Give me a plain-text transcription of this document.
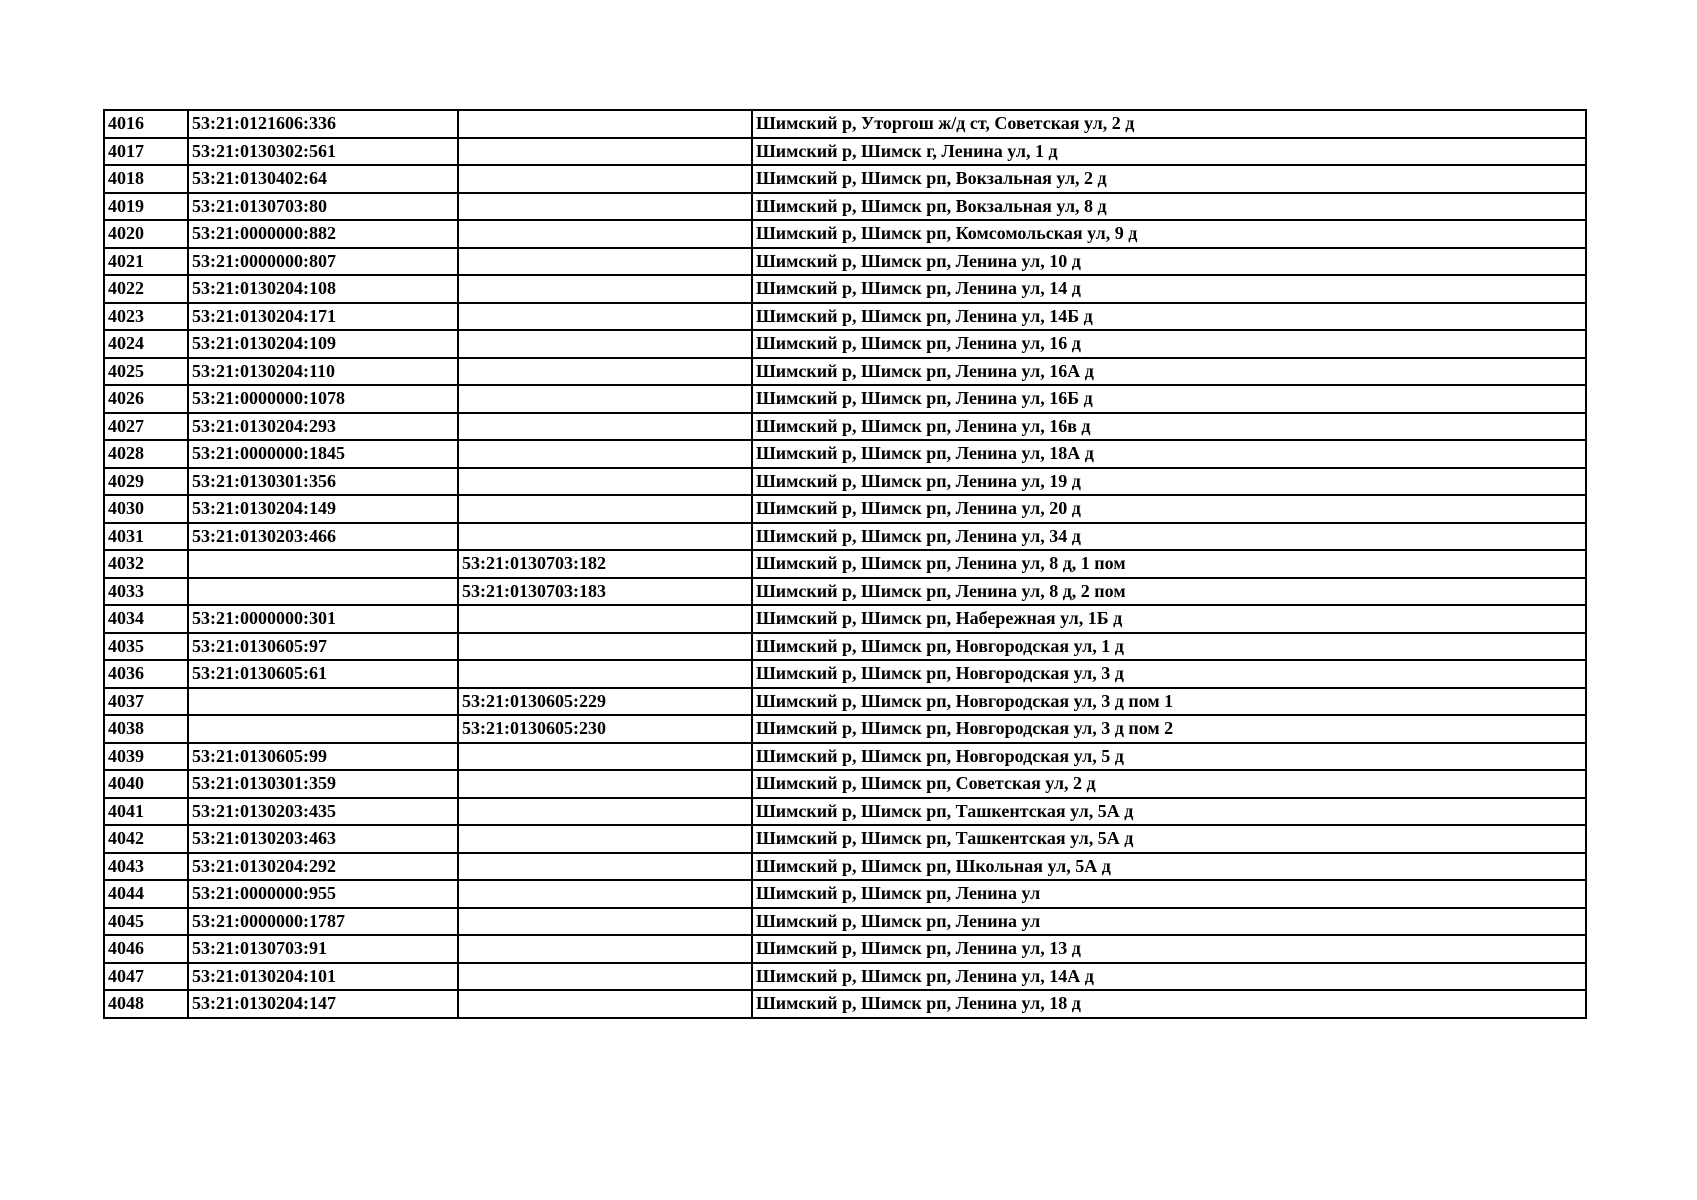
4016	53:21:0121606:336		Шимский р, Уторгош ж/д ст, Советская ул, 2 д
4017	53:21:0130302:561		Шимский р, Шимск г, Ленина ул, 1 д
4018	53:21:0130402:64		Шимский р, Шимск рп, Вокзальная ул, 2 д
4019	53:21:0130703:80		Шимский р, Шимск рп, Вокзальная ул, 8 д
4020	53:21:0000000:882		Шимский р, Шимск рп, Комсомольская ул, 9 д
4021	53:21:0000000:807		Шимский р, Шимск рп, Ленина ул, 10 д
4022	53:21:0130204:108		Шимский р, Шимск рп, Ленина ул, 14 д
4023	53:21:0130204:171		Шимский р, Шимск рп, Ленина ул, 14Б д
4024	53:21:0130204:109		Шимский р, Шимск рп, Ленина ул, 16 д
4025	53:21:0130204:110		Шимский р, Шимск рп, Ленина ул, 16А д
4026	53:21:0000000:1078		Шимский р, Шимск рп, Ленина ул, 16Б д
4027	53:21:0130204:293		Шимский р, Шимск рп, Ленина ул, 16в д
4028	53:21:0000000:1845		Шимский р, Шимск рп, Ленина ул, 18А д
4029	53:21:0130301:356		Шимский р, Шимск рп, Ленина ул, 19 д
4030	53:21:0130204:149		Шимский р, Шимск рп, Ленина ул, 20 д
4031	53:21:0130203:466		Шимский р, Шимск рп, Ленина ул, 34 д
4032		53:21:0130703:182	Шимский р, Шимск рп, Ленина ул, 8 д, 1 пом
4033		53:21:0130703:183	Шимский р, Шимск рп, Ленина ул, 8 д, 2 пом
4034	53:21:0000000:301		Шимский р, Шимск рп, Набережная ул, 1Б д
4035	53:21:0130605:97		Шимский р, Шимск рп, Новгородская ул, 1 д
4036	53:21:0130605:61		Шимский р, Шимск рп, Новгородская ул, 3 д
4037		53:21:0130605:229	Шимский р, Шимск рп, Новгородская ул, 3 д пом 1
4038		53:21:0130605:230	Шимский р, Шимск рп, Новгородская ул, 3 д пом 2
4039	53:21:0130605:99		Шимский р, Шимск рп, Новгородская ул, 5 д
4040	53:21:0130301:359		Шимский р, Шимск рп, Советская ул, 2 д
4041	53:21:0130203:435		Шимский р, Шимск рп, Ташкентская ул, 5А д
4042	53:21:0130203:463		Шимский р, Шимск рп, Ташкентская ул, 5А д
4043	53:21:0130204:292		Шимский р, Шимск рп, Школьная ул, 5А д
4044	53:21:0000000:955		Шимский р, Шимск рп, Ленина ул
4045	53:21:0000000:1787		Шимский р, Шимск рп, Ленина ул
4046	53:21:0130703:91		Шимский р, Шимск рп, Ленина ул, 13 д
4047	53:21:0130204:101		Шимский р, Шимск рп, Ленина ул, 14А д
4048	53:21:0130204:147		Шимский р, Шимск рп, Ленина ул, 18 д
